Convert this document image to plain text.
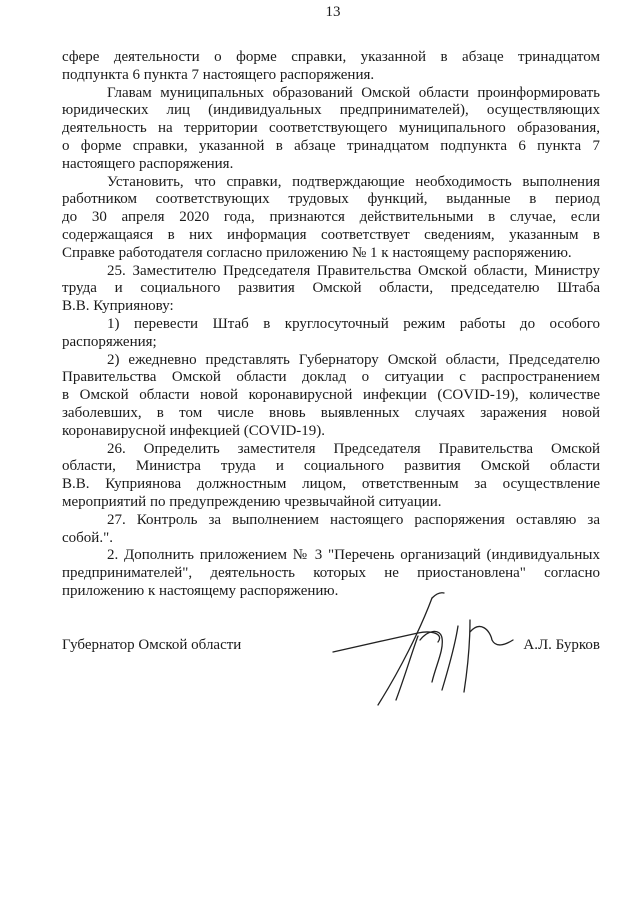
13
сфере деятельности о форме справки, указанной в абзаце тринадцатом
подпункта 6 пункта 7 настоящего распоряжения.
Главам муниципальных образований Омской области проинформировать
юридических лиц (индивидуальных предпринимателей), осуществляющих
деятельность на территории соответствующего муниципального образования,
о форме справки, указанной в абзаце тринадцатом подпункта 6 пункта 7
настоящего распоряжения.
Установить, что справки, подтверждающие необходимость выполнения
работником соответствующих трудовых функций, выданные в период
до 30 апреля 2020 года, признаются действительными в случае, если
содержащаяся в них информация соответствует сведениям, указанным в
Справке работодателя согласно приложению № 1 к настоящему распоряжению.
25. Заместителю Председателя Правительства Омской области, Министру
труда и социального развития Омской области, председателю Штаба
В.В. Куприянову:
1) перевести Штаб в круглосуточный режим работы до особого
распоряжения;
2) ежедневно представлять Губернатору Омской области, Председателю
Правительства Омской области доклад о ситуации с распространением
в Омской области новой коронавирусной инфекции (COVID-19), количестве
заболевших, в том числе вновь выявленных случаях заражения новой
коронавирусной инфекцией (COVID-19).
26. Определить заместителя Председателя Правительства Омской
области, Министра труда и социального развития Омской области
В.В. Куприянова должностным лицом, ответственным за осуществление
мероприятий по предупреждению чрезвычайной ситуации.
27. Контроль за выполнением настоящего распоряжения оставляю за
собой.".
2. Дополнить приложением № 3 "Перечень организаций (индивидуальных
предпринимателей", деятельность которых не приостановлена" согласно
приложению к настоящему распоряжению.
Губернатор Омской области	А.Л. Бурков
